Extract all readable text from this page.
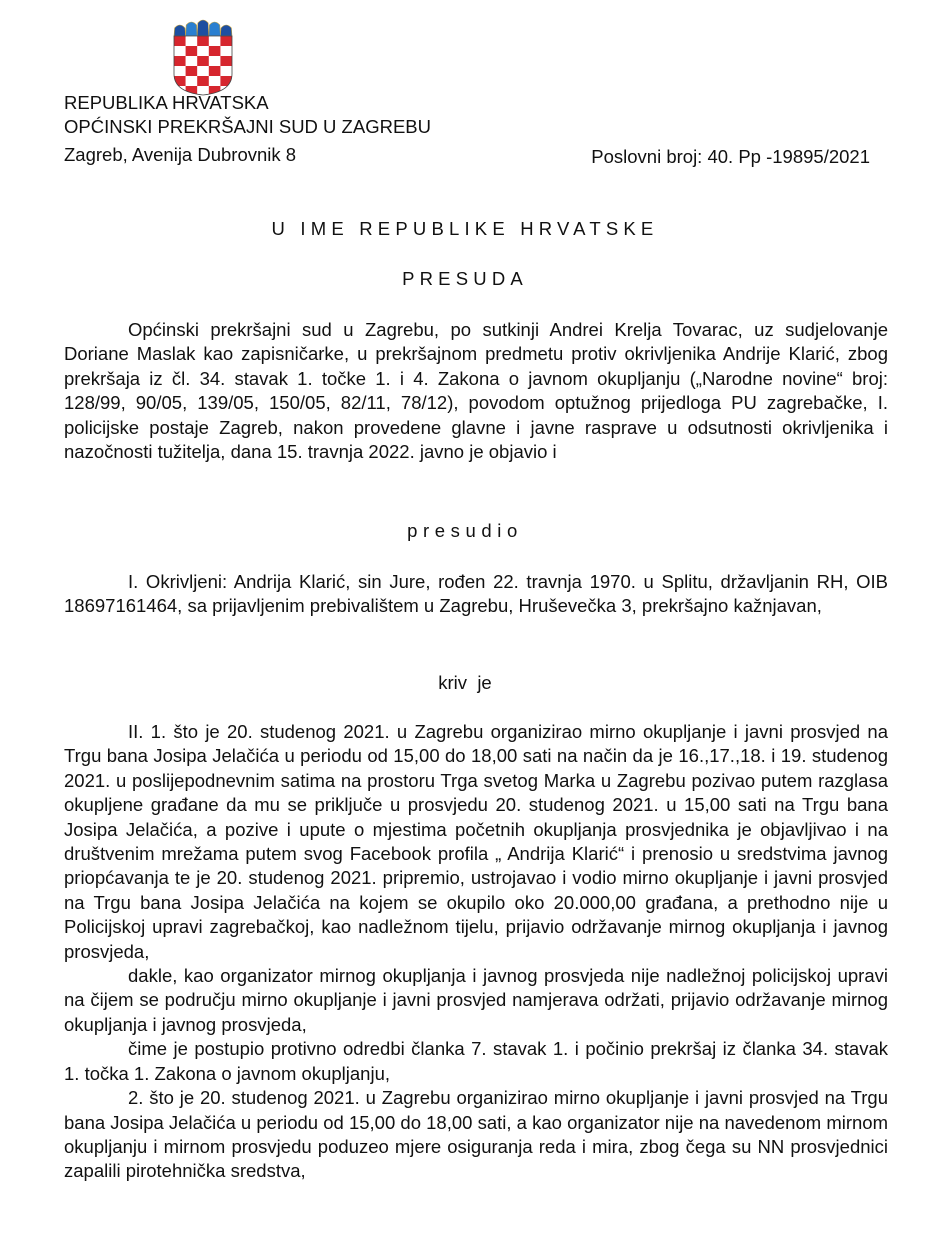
REPUBLIKA HRVATSKA
OPĆINSKI PREKRŠAJNI SUD U ZAGREBU
Zagreb, Avenija Dubrovnik 8	Poslovni broj: 40. Pp -19895/2021
U IME REPUBLIKE HRVATSKE
PRESUDA

Općinski prekršajni sud u Zagrebu, po sutkinji Andrei Krelja Tovarac, uz sudjelovanje Doriane Maslak kao zapisničarke, u prekršajnom predmetu protiv okrivljenika Andrije Klarić, zbog prekršaja iz čl. 34. stavak 1. točke 1. i 4. Zakona o javnom okupljanju („Narodne novine“ broj: 128/99, 90/05, 139/05, 150/05, 82/11, 78/12), povodom optužnog prijedloga PU zagrebačke, I. policijske postaje Zagreb, nakon provedene glavne i javne rasprave u odsutnosti okrivljenika i nazočnosti tužitelja, dana 15. travnja 2022. javno je objavio i

presudio

I. Okrivljeni: Andrija Klarić, sin Jure, rođen 22. travnja 1970. u Splitu, državljanin RH, OIB 18697161464, sa prijavljenim prebivalištem u Zagrebu, Hruševečka 3, prekršajno kažnjavan,

kriv  je

II. 1. što je 20. studenog 2021. u Zagrebu organizirao mirno okupljanje i javni prosvjed na Trgu bana Josipa Jelačića u periodu od 15,00 do 18,00 sati na način da je 16.,17.,18. i 19. studenog 2021. u poslijepodnevnim satima na prostoru Trga svetog Marka u Zagrebu pozivao putem razglasa okupljene građane da mu se priključe u prosvjedu 20. studenog 2021. u 15,00 sati na Trgu bana Josipa Jelačića, a pozive i upute o mjestima početnih okupljanja prosvjednika je objavljivao i na društvenim mrežama putem svog Facebook profila „ Andrija Klarić“ i prenosio u sredstvima javnog priopćavanja te je 20. studenog 2021. pripremio, ustrojavao i vodio mirno okupljanje i javni prosvjed na Trgu bana Josipa Jelačića na kojem se okupilo oko 20.000,00 građana, a prethodno nije u Policijskoj upravi zagrebačkoj, kao nadležnom tijelu, prijavio održavanje mirnog okupljanja i javnog prosvjeda,

dakle, kao organizator mirnog okupljanja i javnog prosvjeda nije nadležnoj policijskoj upravi na čijem se području mirno okupljanje i javni prosvjed namjerava održati, prijavio održavanje mirnog okupljanja i javnog prosvjeda,

čime je postupio protivno odredbi članka 7. stavak 1. i počinio prekršaj iz članka 34. stavak 1. točka 1. Zakona o javnom okupljanju,

2. što je 20. studenog 2021. u Zagrebu organizirao mirno okupljanje i javni prosvjed na Trgu bana Josipa Jelačića u periodu od 15,00 do 18,00 sati, a kao organizator nije na navedenom mirnom okupljanju i mirnom prosvjedu poduzeo mjere osiguranja reda i mira, zbog čega su NN prosvjednici zapalili pirotehnička sredstva,
